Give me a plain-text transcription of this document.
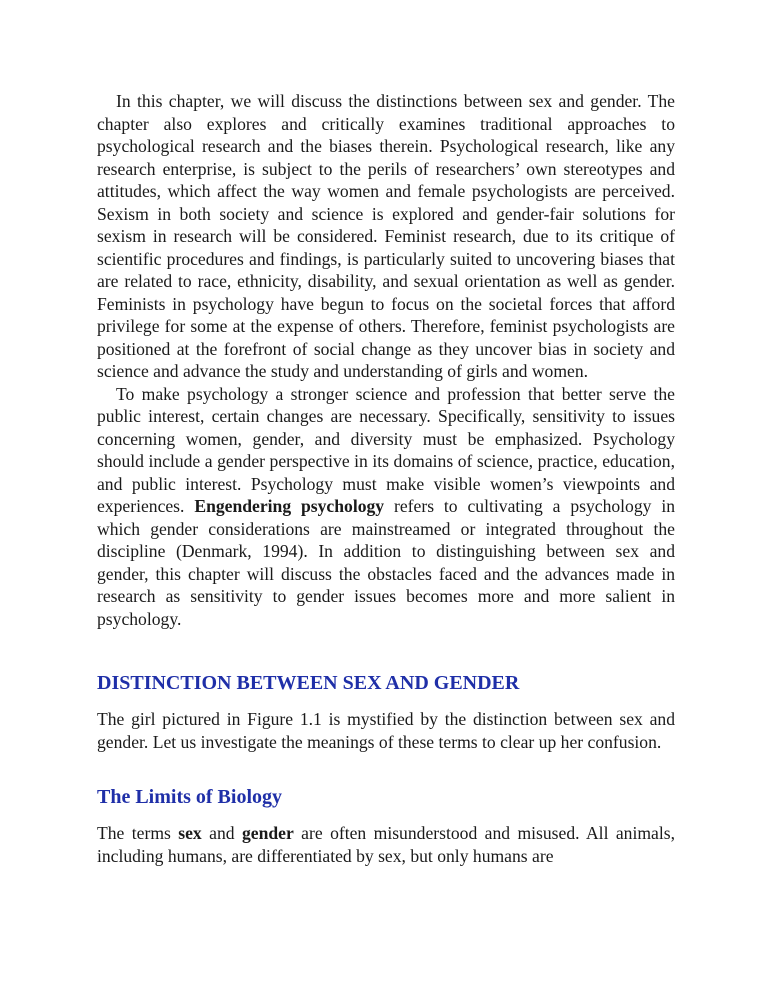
In this chapter, we will discuss the distinctions between sex and gender. The chapter also explores and critically examines traditional approaches to psychological research and the biases therein. Psychological research, like any research enterprise, is subject to the perils of researchers’ own stereotypes and attitudes, which affect the way women and female psychologists are perceived. Sexism in both society and science is explored and gender-fair solutions for sexism in research will be considered. Feminist research, due to its critique of scientific procedures and findings, is particularly suited to uncovering biases that are related to race, ethnicity, disability, and sexual orientation as well as gender. Feminists in psychology have begun to focus on the societal forces that afford privilege for some at the expense of others. Therefore, feminist psychologists are positioned at the forefront of social change as they uncover bias in society and science and advance the study and understanding of girls and women.

To make psychology a stronger science and profession that better serve the public interest, certain changes are necessary. Specifically, sensitivity to issues concerning women, gender, and diversity must be emphasized. Psychology should include a gender perspective in its domains of science, practice, education, and public interest. Psychology must make visible women’s viewpoints and experiences. Engendering psychology refers to cultivating a psychology in which gender considerations are mainstreamed or integrated throughout the discipline (Denmark, 1994). In addition to distinguishing between sex and gender, this chapter will discuss the obstacles faced and the advances made in research as sensitivity to gender issues becomes more and more salient in psychology.

DISTINCTION BETWEEN SEX AND GENDER

The girl pictured in Figure 1.1 is mystified by the distinction between sex and gender. Let us investigate the meanings of these terms to clear up her confusion.

The Limits of Biology

The terms sex and gender are often misunderstood and misused. All animals, including humans, are differentiated by sex, but only humans are
